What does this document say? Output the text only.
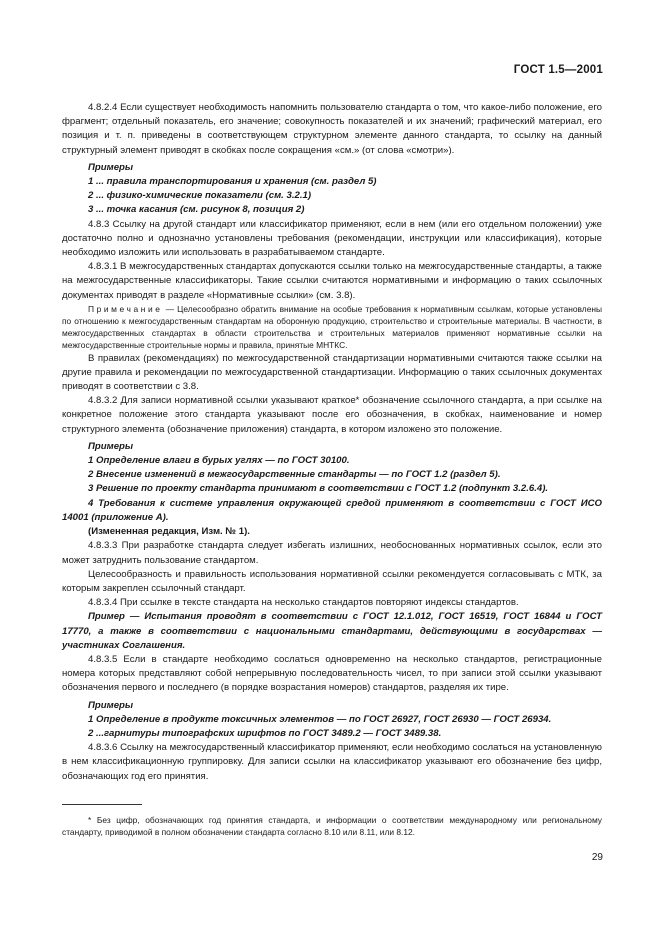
ГОСТ 1.5—2001
4.8.2.4 Если существует необходимость напомнить пользователю стандарта о том, что какое-либо положение, его фрагмент; отдельный показатель, его значение; совокупность показателей и их значений; графический материал, его позиция и т. п. приведены в соответствующем структурном элементе данного стандарта, то ссылку на данный структурный элемент приводят в скобках после сокращения «см.» (от слова «смотри»).
Примеры
1 ... правила транспортирования и хранения (см. раздел 5)
2 ... физико-химические показатели (см. 3.2.1)
3 ... точка касания (см. рисунок 8, позиция 2)
4.8.3 Ссылку на другой стандарт или классификатор применяют, если в нем (или его отдельном положении) уже достаточно полно и однозначно установлены требования (рекомендации, инструкции или классификация), которые необходимо изложить или использовать в разрабатываемом стандарте.
4.8.3.1 В межгосударственных стандартах допускаются ссылки только на межгосударственные стандарты, а также на межгосударственные классификаторы. Такие ссылки считаются нормативными и информацию о таких ссылочных документах приводят в разделе «Нормативные ссылки» (см. 3.8).
Примечание — Целесообразно обратить внимание на особые требования к нормативным ссылкам, которые установлены по отношению к межгосударственным стандартам на оборонную продукцию, строительство и строительные материалы. В частности, в межгосударственных стандартах в области строительства и строительных материалов применяют нормативные ссылки на межгосударственные строительные нормы и правила, принятые МНТКС.
В правилах (рекомендациях) по межгосударственной стандартизации нормативными считаются также ссылки на другие правила и рекомендации по межгосударственной стандартизации. Информацию о таких ссылочных документах приводят в соответствии с 3.8.
4.8.3.2 Для записи нормативной ссылки указывают краткое* обозначение ссылочного стандарта, а при ссылке на конкретное положение этого стандарта указывают после его обозначения, в скобках, наименование и номер структурного элемента (обозначение приложения) стандарта, в котором изложено это положение.
Примеры
1 Определение влаги в бурых углях — по ГОСТ 30100.
2 Внесение изменений в межгосударственные стандарты — по ГОСТ 1.2 (раздел 5).
3 Решение по проекту стандарта принимают в соответствии с ГОСТ 1.2 (подпункт 3.2.6.4).
4 Требования к системе управления окружающей средой применяют в соответствии с ГОСТ ИСО 14001 (приложение А).
(Измененная редакция, Изм. № 1).
4.8.3.3 При разработке стандарта следует избегать излишних, необоснованных нормативных ссылок, если это может затруднить пользование стандартом.
Целесообразность и правильность использования нормативной ссылки рекомендуется согласовывать с МТК, за которым закреплен ссылочный стандарт.
4.8.3.4 При ссылке в тексте стандарта на несколько стандартов повторяют индексы стандартов.
Пример — Испытания проводят в соответствии с ГОСТ 12.1.012, ГОСТ 16519, ГОСТ 16844 и ГОСТ 17770, а также в соответствии с национальными стандартами, действующими в государствах — участниках Соглашения.
4.8.3.5 Если в стандарте необходимо сослаться одновременно на несколько стандартов, регистрационные номера которых представляют собой непрерывную последовательность чисел, то при записи этой ссылки указывают обозначения первого и последнего (в порядке возрастания номеров) стандартов, разделяя их тире.
Примеры
1 Определение в продукте токсичных элементов — по ГОСТ 26927, ГОСТ 26930 — ГОСТ 26934.
2 ...гарнитуры типографских шрифтов по ГОСТ 3489.2 — ГОСТ 3489.38.
4.8.3.6 Ссылку на межгосударственный классификатор применяют, если необходимо сослаться на установленную в нем классификационную группировку. Для записи ссылки на классификатор указывают его обозначение без цифр, обозначающих год его принятия.
* Без цифр, обозначающих год принятия стандарта, и информации о соответствии международному или региональному стандарту, приводимой в полном обозначении стандарта согласно 8.10 или 8.11, или 8.12.
29
